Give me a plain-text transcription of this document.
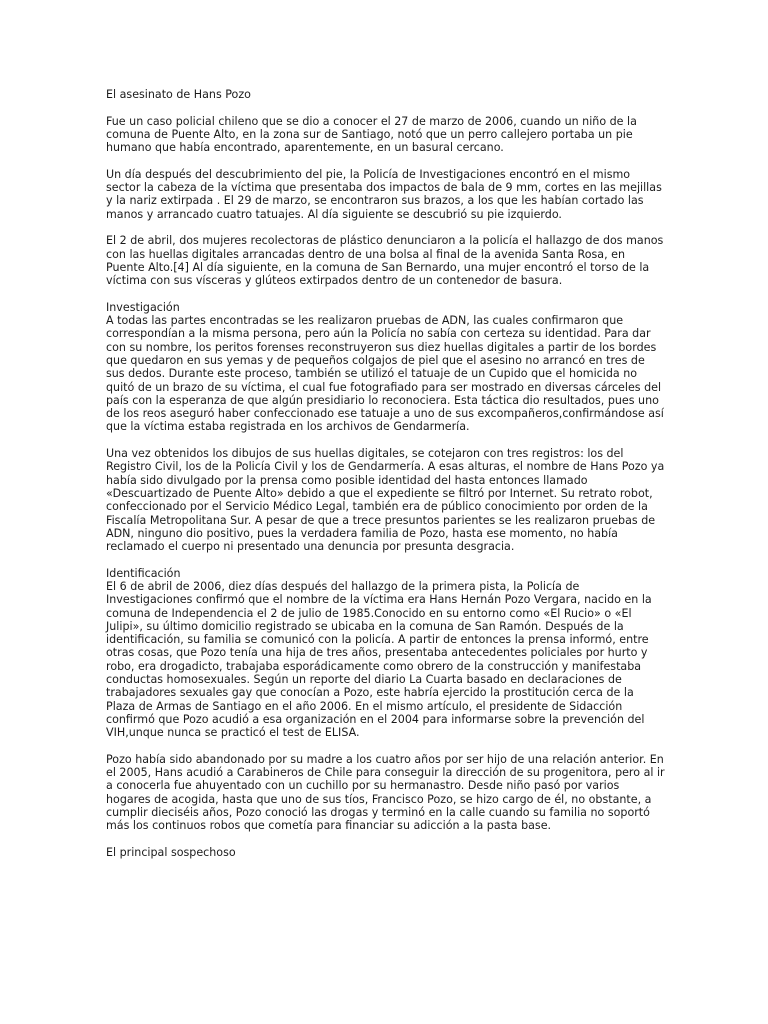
El asesinato de Hans Pozo

Fue un caso policial chileno que se dio a conocer el 27 de marzo de 2006, cuando un niño de la comuna de Puente Alto, en la zona sur de Santiago, notó que un perro callejero portaba un pie humano que había encontrado, aparentemente, en un basural cercano.

Un día después del descubrimiento del pie, la Policía de Investigaciones encontró en el mismo sector la cabeza de la víctima que presentaba dos impactos de bala de 9 mm, cortes en las mejillas y la nariz extirpada . El 29 de marzo, se encontraron sus brazos, a los que les habían cortado las manos y arrancado cuatro tatuajes. Al día siguiente se descubrió su pie izquierdo.

El 2 de abril, dos mujeres recolectoras de plástico denunciaron a la policía el hallazgo de dos manos con las huellas digitales arrancadas dentro de una bolsa al final de la avenida Santa Rosa, en Puente Alto.[4] Al día siguiente, en la comuna de San Bernardo, una mujer encontró el torso de la víctima con sus vísceras y glúteos extirpados dentro de un contenedor de basura.

Investigación
A todas las partes encontradas se les realizaron pruebas de ADN, las cuales confirmaron que correspondían a la misma persona, pero aún la Policía no sabía con certeza su identidad. Para dar con su nombre, los peritos forenses reconstruyeron sus diez huellas digitales a partir de los bordes que quedaron en sus yemas y de pequeños colgajos de piel que el asesino no arrancó en tres de sus dedos. Durante este proceso, también se utilizó el tatuaje de un Cupido que el homicida no quitó de un brazo de su víctima, el cual fue fotografiado para ser mostrado en diversas cárceles del país con la esperanza de que algún presidiario lo reconociera. Esta táctica dio resultados, pues uno de los reos aseguró haber confeccionado ese tatuaje a uno de sus excompañeros,confirmándose así que la víctima estaba registrada en los archivos de Gendarmería.

Una vez obtenidos los dibujos de sus huellas digitales, se cotejaron con tres registros: los del Registro Civil, los de la Policía Civil y los de Gendarmería. A esas alturas, el nombre de Hans Pozo ya había sido divulgado por la prensa como posible identidad del hasta entonces llamado «Descuartizado de Puente Alto» debido a que el expediente se filtró por Internet. Su retrato robot, confeccionado por el Servicio Médico Legal, también era de público conocimiento por orden de la Fiscalía Metropolitana Sur. A pesar de que a trece presuntos parientes se les realizaron pruebas de ADN, ninguno dio positivo, pues la verdadera familia de Pozo, hasta ese momento, no había reclamado el cuerpo ni presentado una denuncia por presunta desgracia.

Identificación
El 6 de abril de 2006, diez días después del hallazgo de la primera pista, la Policía de Investigaciones confirmó que el nombre de la víctima era Hans Hernán Pozo Vergara, nacido en la comuna de Independencia el 2 de julio de 1985.Conocido en su entorno como «El Rucio» o «El Julipi», su último domicilio registrado se ubicaba en la comuna de San Ramón. Después de la identificación, su familia se comunicó con la policía. A partir de entonces la prensa informó, entre otras cosas, que Pozo tenía una hija de tres años, presentaba antecedentes policiales por hurto y robo, era drogadicto, trabajaba esporádicamente como obrero de la construcción y manifestaba conductas homosexuales. Según un reporte del diario La Cuarta basado en declaraciones de trabajadores sexuales gay que conocían a Pozo, este habría ejercido la prostitución cerca de la Plaza de Armas de Santiago en el año 2006. En el mismo artículo, el presidente de Sidacción confirmó que Pozo acudió a esa organización en el 2004 para informarse sobre la prevención del VIH,unque nunca se practicó el test de ELISA.

Pozo había sido abandonado por su madre a los cuatro años por ser hijo de una relación anterior. En el 2005, Hans acudió a Carabineros de Chile para conseguir la dirección de su progenitora, pero al ir a conocerla fue ahuyentado con un cuchillo por su hermanastro. Desde niño pasó por varios hogares de acogida, hasta que uno de sus tíos, Francisco Pozo, se hizo cargo de él, no obstante, a cumplir dieciséis años, Pozo conoció las drogas y terminó en la calle cuando su familia no soportó más los continuos robos que cometía para financiar su adicción a la pasta base.

El principal sospechoso
